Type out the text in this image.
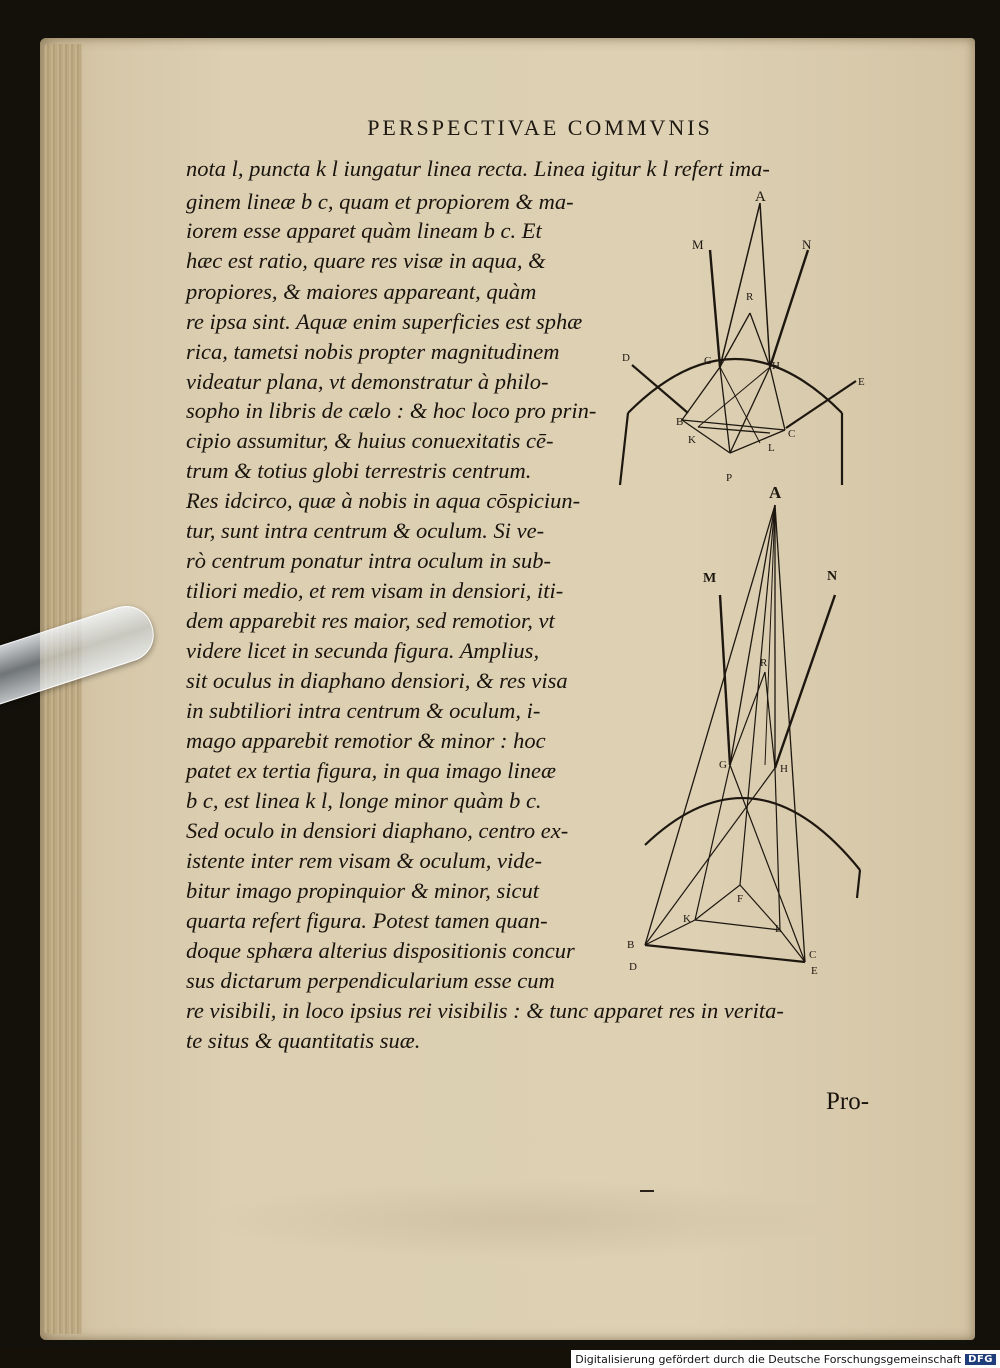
PERSPECTIVAE COMMVNIS
nota l, puncta k l iungatur linea recta. Linea igitur k l refert ima-
ginem lineæ b c, quam et propiorem & ma-
iorem esse apparet quàm lineam b c. Et
hæc est ratio, quare res visæ in aqua, &
propiores, & maiores appareant, quàm
re ipsa sint. Aquæ enim superficies est sphæ
rica, tametsi nobis propter magnitudinem
videatur plana, vt demonstratur à philo-
sopho in libris de cælo : & hoc loco pro prin-
cipio assumitur, & huius conuexitatis cē-
trum & totius globi terrestris centrum.
Res idcirco, quæ à nobis in aqua cōspiciun-
tur, sunt intra centrum & oculum. Si ve-
rò centrum ponatur intra oculum in sub-
tiliori medio, et rem visam in densiori, iti-
dem apparebit res maior, sed remotior, vt
videre licet in secunda figura. Amplius,
sit oculus in diaphano densiori, & res visa
in subtiliori intra centrum & oculum, i-
mago apparebit remotior & minor : hoc
patet ex tertia figura, in qua imago lineæ
b c, est linea k l, longe minor quàm b c.
Sed oculo in densiori diaphano, centro ex-
istente inter rem visam & oculum, vide-
bitur imago propinquior & minor, sicut
quarta refert figura. Potest tamen quan-
doque sphæra alterius dispositionis concur
sus dictarum perpendicularium esse cum
re visibili, in loco ipsius rei visibilis : & tunc apparet res in verita-
te situs & quantitatis suæ.
A
M	N
R
G	H
D
E
B
K	C
L
P
A
M	N
R
G	H
F
K
L
B
D
C
E
Pro-
Digitalisierung gefördert durch die Deutsche Forschungsgemeinschaft DFG
